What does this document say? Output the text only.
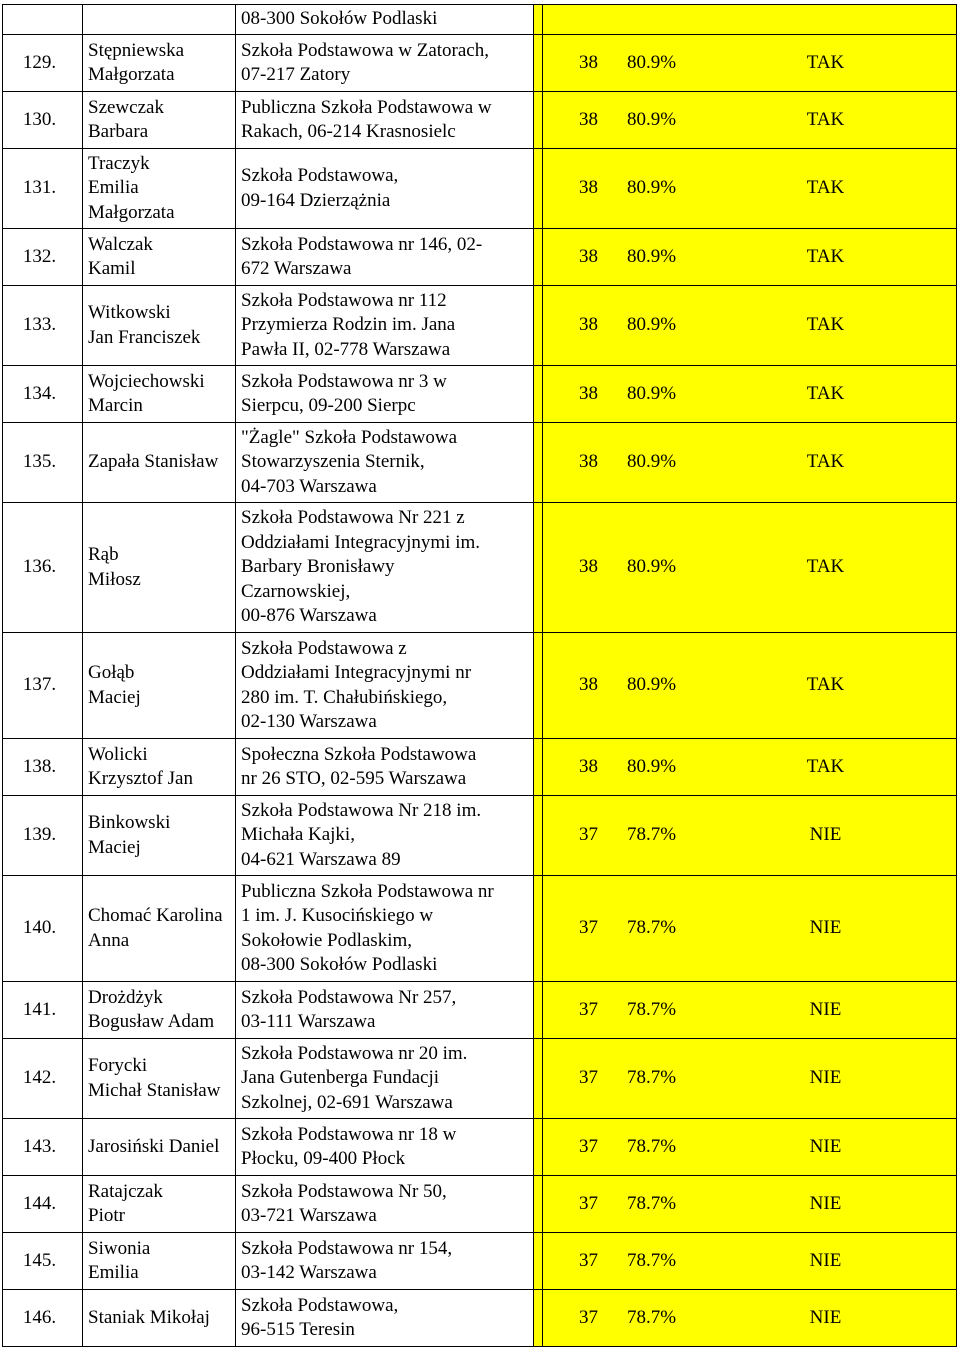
		08-300 Sokołów Podlaski		

129.	Stępniewska
Małgorzata	Szkoła Podstawowa w Zatorach,
07-217 Zatory		38 80.9% TAK

130.	Szewczak
Barbara	Publiczna Szkoła Podstawowa w
Rakach, 06-214 Krasnosielc		38 80.9% TAK

131.	Traczyk
Emilia
Małgorzata	Szkoła Podstawowa,
09-164 Dzierzążnia		38 80.9% TAK

132.	Walczak
Kamil	Szkoła Podstawowa nr 146, 02-
672 Warszawa		38 80.9% TAK

133.	Witkowski
Jan Franciszek	Szkoła Podstawowa nr 112
Przymierza Rodzin im. Jana
Pawła II, 02-778 Warszawa		38 80.9% TAK

134.	Wojciechowski
Marcin	Szkoła Podstawowa nr 3 w
Sierpcu, 09-200 Sierpc		38 80.9% TAK

135.	Zapała Stanisław	"Żagle" Szkoła Podstawowa
Stowarzyszenia Sternik,
04-703 Warszawa		38 80.9% TAK

136.	Rąb
Miłosz	Szkoła Podstawowa Nr 221 z
Oddziałami Integracyjnymi im.
Barbary Bronisławy
Czarnowskiej,
00-876 Warszawa		38 80.9% TAK

137.	Gołąb
Maciej	Szkoła Podstawowa z
Oddziałami Integracyjnymi nr
280 im. T. Chałubińskiego,
02-130 Warszawa		38 80.9% TAK

138.	Wolicki
Krzysztof Jan	Społeczna Szkoła Podstawowa
nr 26 STO, 02-595 Warszawa		38 80.9% TAK

139.	Binkowski
Maciej	Szkoła Podstawowa Nr 218 im.
Michała Kajki,
04-621 Warszawa 89		37 78.7% NIE

140.	Chomać Karolina
Anna	Publiczna Szkoła Podstawowa nr
1 im. J. Kusocińskiego w
Sokołowie Podlaskim,
08-300 Sokołów Podlaski		37 78.7% NIE

141.	Drożdżyk
Bogusław Adam	Szkoła Podstawowa Nr 257,
03-111 Warszawa		37 78.7% NIE

142.	Forycki
Michał Stanisław	Szkoła Podstawowa nr 20 im.
Jana Gutenberga Fundacji
Szkolnej, 02-691 Warszawa		37 78.7% NIE

143.	Jarosiński Daniel	Szkoła Podstawowa nr 18 w
Płocku, 09-400 Płock		37 78.7% NIE

144.	Ratajczak
Piotr	Szkoła Podstawowa Nr 50,
03-721 Warszawa		37 78.7% NIE

145.	Siwonia
Emilia	Szkoła Podstawowa nr 154,
03-142 Warszawa		37 78.7% NIE

146.	Staniak Mikołaj	Szkoła Podstawowa,
96-515 Teresin		37 78.7% NIE
